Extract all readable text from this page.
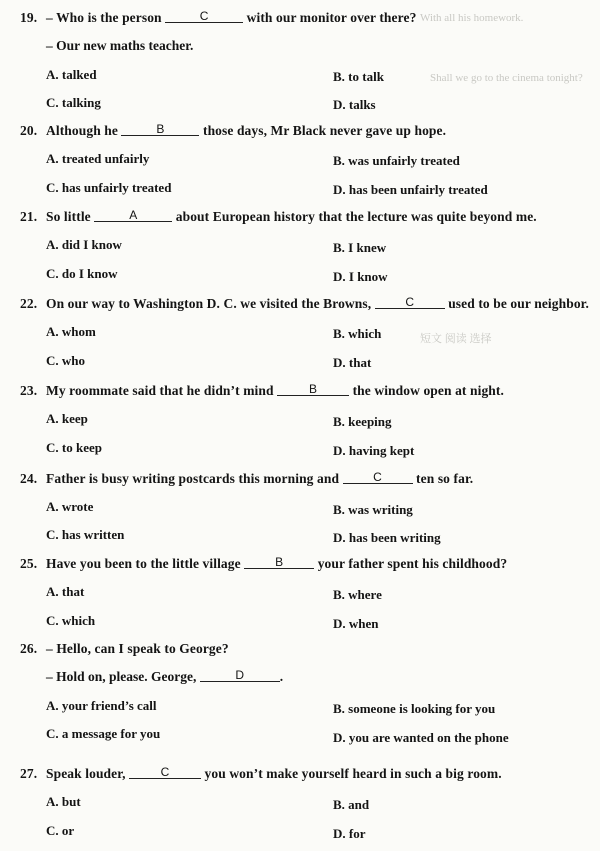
With all his homework.
Shall we go to the cinema tonight?
短文 阅读 选择
19. – Who is the person	C	with our monitor over there?
– Our new maths teacher.
A. talked	B. to talk
C. talking	D. talks
20. Although he	B	those days, Mr Black never gave up hope.
A. treated unfairly	B. was unfairly treated
C. has unfairly treated	D. has been unfairly treated
21. So little	A	about European history that the lecture was quite beyond me.
A. did I know	B. I knew
C. do I know	D. I know
22. On our way to Washington D. C. we visited the Browns,	C	used to be our neighbor.
A. whom	B. which
C. who	D. that
23. My roommate said that he didn’t mind	B	the window open at night.
A. keep	B. keeping
C. to keep	D. having kept
24. Father is busy writing postcards this morning and	C	ten so far.
A. wrote	B. was writing
C. has written	D. has been writing
25. Have you been to the little village	B	your father spent his childhood?
A. that	B. where
C. which	D. when
26. – Hello, can I speak to George?
– Hold on, please. George,	D	.
A. your friend’s call	B. someone is looking for you
C. a message for you	D. you are wanted on the phone
27. Speak louder,	C	you won’t make yourself heard in such a big room.
A. but	B. and
C. or	D. for
